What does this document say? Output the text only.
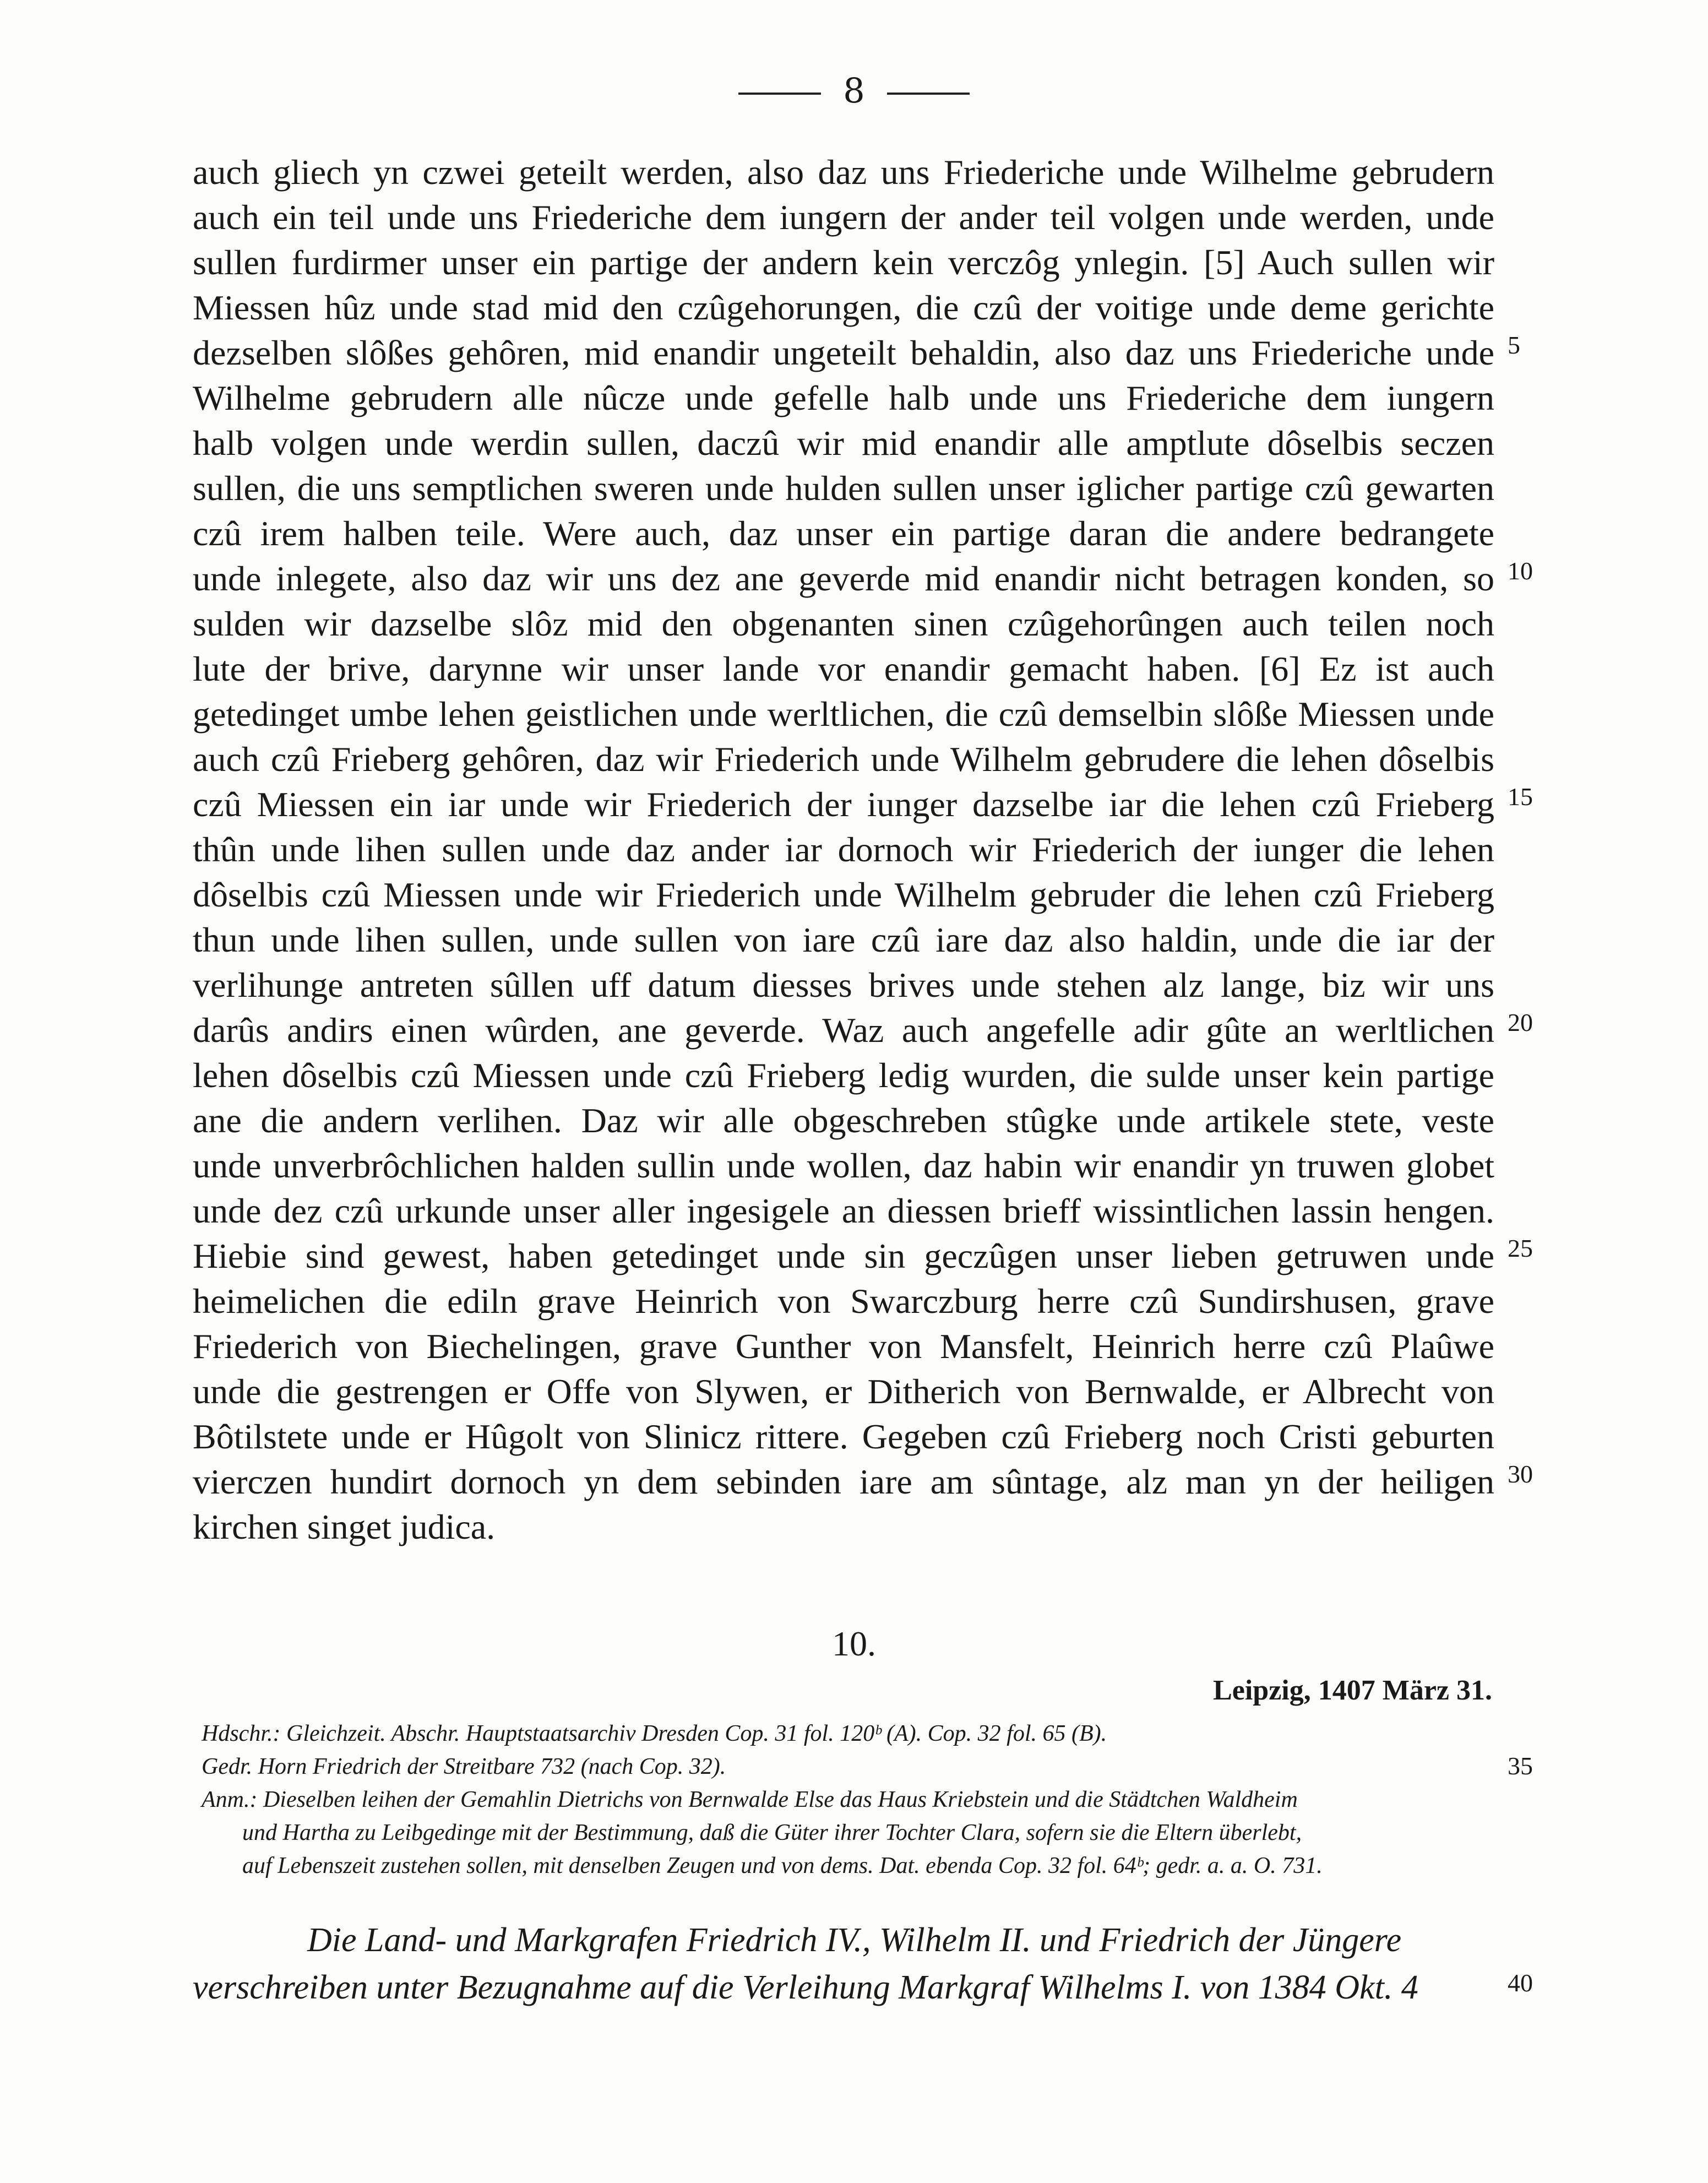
8
auch gliech yn czwei geteilt werden, also daz uns Friederiche unde Wilhelme gebrudern
auch ein teil unde uns Friederiche dem iungern der ander teil volgen unde werden, unde
sullen furdirmer unser ein partige der andern kein verczôg ynlegin. [5] Auch sullen wir
Miessen hûz unde stad mid den czûgehorungen, die czû der voitige unde deme gerichte
dezselben slôßes gehôren, mid enandir ungeteilt behaldin, also daz uns Friederiche unde
Wilhelme gebrudern alle nûcze unde gefelle halb unde uns Friederiche dem iungern
halb volgen unde werdin sullen, daczû wir mid enandir alle amptlute dôselbis seczen
sullen, die uns semptlichen sweren unde hulden sullen unser iglicher partige czû gewarten
czû irem halben teile. Were auch, daz unser ein partige daran die andere bedrangete
unde inlegete, also daz wir uns dez ane geverde mid enandir nicht betragen konden, so
sulden wir dazselbe slôz mid den obgenanten sinen czûgehorûngen auch teilen noch
lute der brive, darynne wir unser lande vor enandir gemacht haben. [6] Ez ist auch
getedinget umbe lehen geistlichen unde werltlichen, die czû demselbin slôße Miessen unde
auch czû Frieberg gehôren, daz wir Friederich unde Wilhelm gebrudere die lehen dôselbis
czû Miessen ein iar unde wir Friederich der iunger dazselbe iar die lehen czû Frieberg
thûn unde lihen sullen unde daz ander iar dornoch wir Friederich der iunger die lehen
dôselbis czû Miessen unde wir Friederich unde Wilhelm gebruder die lehen czû Frieberg
thun unde lihen sullen, unde sullen von iare czû iare daz also haldin, unde die iar der
verlihunge antreten sûllen uff datum diesses brives unde stehen alz lange, biz wir uns
darûs andirs einen wûrden, ane geverde. Waz auch angefelle adir gûte an werltlichen
lehen dôselbis czû Miessen unde czû Frieberg ledig wurden, die sulde unser kein partige
ane die andern verlihen. Daz wir alle obgeschreben stûgke unde artikele stete, veste
unde unverbrôchlichen halden sullin unde wollen, daz habin wir enandir yn truwen globet
unde dez czû urkunde unser aller ingesigele an diessen brieff wissintlichen lassin hengen.
Hiebie sind gewest, haben getedinget unde sin geczûgen unser lieben getruwen unde
heimelichen die ediln grave Heinrich von Swarczburg herre czû Sundirshusen, grave
Friederich von Biechelingen, grave Gunther von Mansfelt, Heinrich herre czû Plaûwe
unde die gestrengen er Offe von Slywen, er Ditherich von Bernwalde, er Albrecht von
Bôtilstete unde er Hûgolt von Slinicz rittere. Gegeben czû Frieberg noch Cristi geburten
vierczen hundirt dornoch yn dem sebinden iare am sûntage, alz man yn der heiligen
kirchen singet judica.
5
10
15
20
25
30
10.
Leipzig, 1407 März 31.
Hdschr.: Gleichzeit. Abschr. Hauptstaatsarchiv Dresden Cop. 31 fol. 120ᵇ (A). Cop. 32 fol. 65 (B).
Gedr. Horn Friedrich der Streitbare 732 (nach Cop. 32).
Anm.: Dieselben leihen der Gemahlin Dietrichs von Bernwalde Else das Haus Kriebstein und die Städtchen Waldheim
und Hartha zu Leibgedinge mit der Bestimmung, daß die Güter ihrer Tochter Clara, sofern sie die Eltern überlebt,
auf Lebenszeit zustehen sollen, mit denselben Zeugen und von dems. Dat. ebenda Cop. 32 fol. 64ᵇ; gedr. a. a. O. 731.
35
Die Land- und Markgrafen Friedrich IV., Wilhelm II. und Friedrich der Jüngere
verschreiben unter Bezugnahme auf die Verleihung Markgraf Wilhelms I. von 1384 Okt. 4	40
